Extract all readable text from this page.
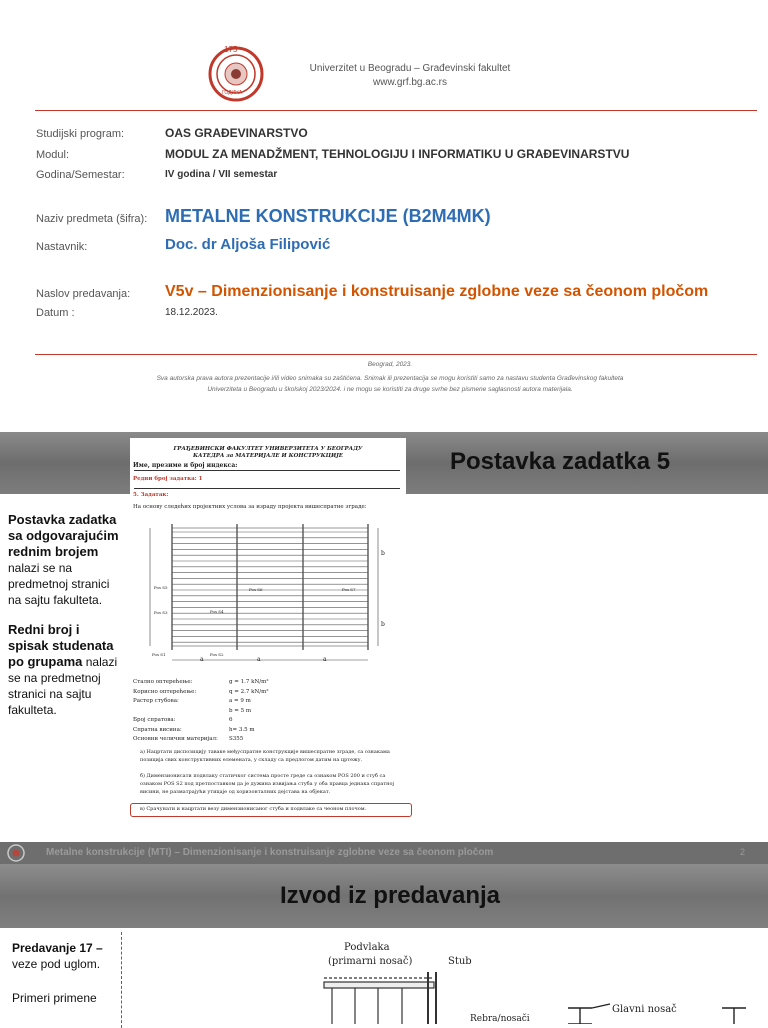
175
ГОДИНА
Univerzitet u Beogradu – Građevinski fakultet
www.grf.bg.ac.rs
Studijski program:	OAS GRAĐEVINARSTVO
Modul:	MODUL ZA MENADŽMENT, TEHNOLOGIJU I INFORMATIKU U GRAĐEVINARSTVU
Godina/Semestar:	IV godina / VII semestar
Naziv predmeta (šifra): METALNE KONSTRUKCIJE (B2M4MK)
Nastavnik:	Doc. dr Aljoša Filipović
Naslov predavanja: V5v – Dimenzionisanje i konstruisanje zglobne veze sa čeonom pločom
Datum :	18.12.2023.
Beograd, 2023.
Sva autorska prava autora prezentacije i/ili video snimaka su zaštićena. Snimak ili prezentacija se mogu koristiti samo za nastavu studenta Građevinskog fakulteta
Univerziteta u Beogradu u školskoj 2023/2024. i ne mogu se koristiti za druge svrhe bez pismene saglasnosti autora materijala.
Postavka zadatka 5
Postavka zadatka sa odgovarajućim rednim brojem nalazi se na predmetnoj stranici na sajtu fakulteta.
Redni broj i spisak studenata po grupama nalazi se na predmetnoj stranici na sajtu fakulteta.
ГРАЂЕВИНСКИ ФАКУЛТЕТ УНИВЕРЗИТЕТА У БЕОГРАДУ
КАТЕДРА за МАТЕРИЈАЛЕ И КОНСТРУКЦИЈЕ
Име, презиме и број индекса:
Редни број задатка: 1
5. Задатак:
На основу следећих пројектних услова за израду пројекта вишеспратне зграде:
Pos S5
Pos S4
Pos S6	Pos S7
Pos S1	Pos S2
Pos S3
a	a	a
b
b
Стално оптерећење:	g = 1.7 kN/m²
Корисно оптерећење:	q = 2.7 kN/m²
Растер стубова:	a = 9 m
b = 5 m
Број спратова:	6
Спратна висина:	h= 3.5 m
Основни челични материјал:	S355
а) Нацртати диспозицију таваке међуспратне конструкције вишеспратне зграде, са ознакама позиција свих конструктивних елемената, у складу са предлогом датим на цртежу.
б) Димензионисати подвлаку статичког система просте греде са ознаком POS 200 и стуб са ознаком POS S2 под претпоставком да је дужина извијања стуба у оба правца једнака спратној висини, не разматрајући утицаје од хоризонталних дејстава на објекат.
в) Срачунати и нацртати везу димензионисаног стуба и подвлаке са чеоном плочом.
Metalne konstrukcije (MTI) – Dimenzionisanje i konstruisanje zglobne veze sa čeonom pločom	2
Izvod iz predavanja
Predavanje 17 –
veze pod uglom.
Primeri primene
Podvlaka
(primarni nosač)	Stub
Rebra/nosači
Glavni nosač
